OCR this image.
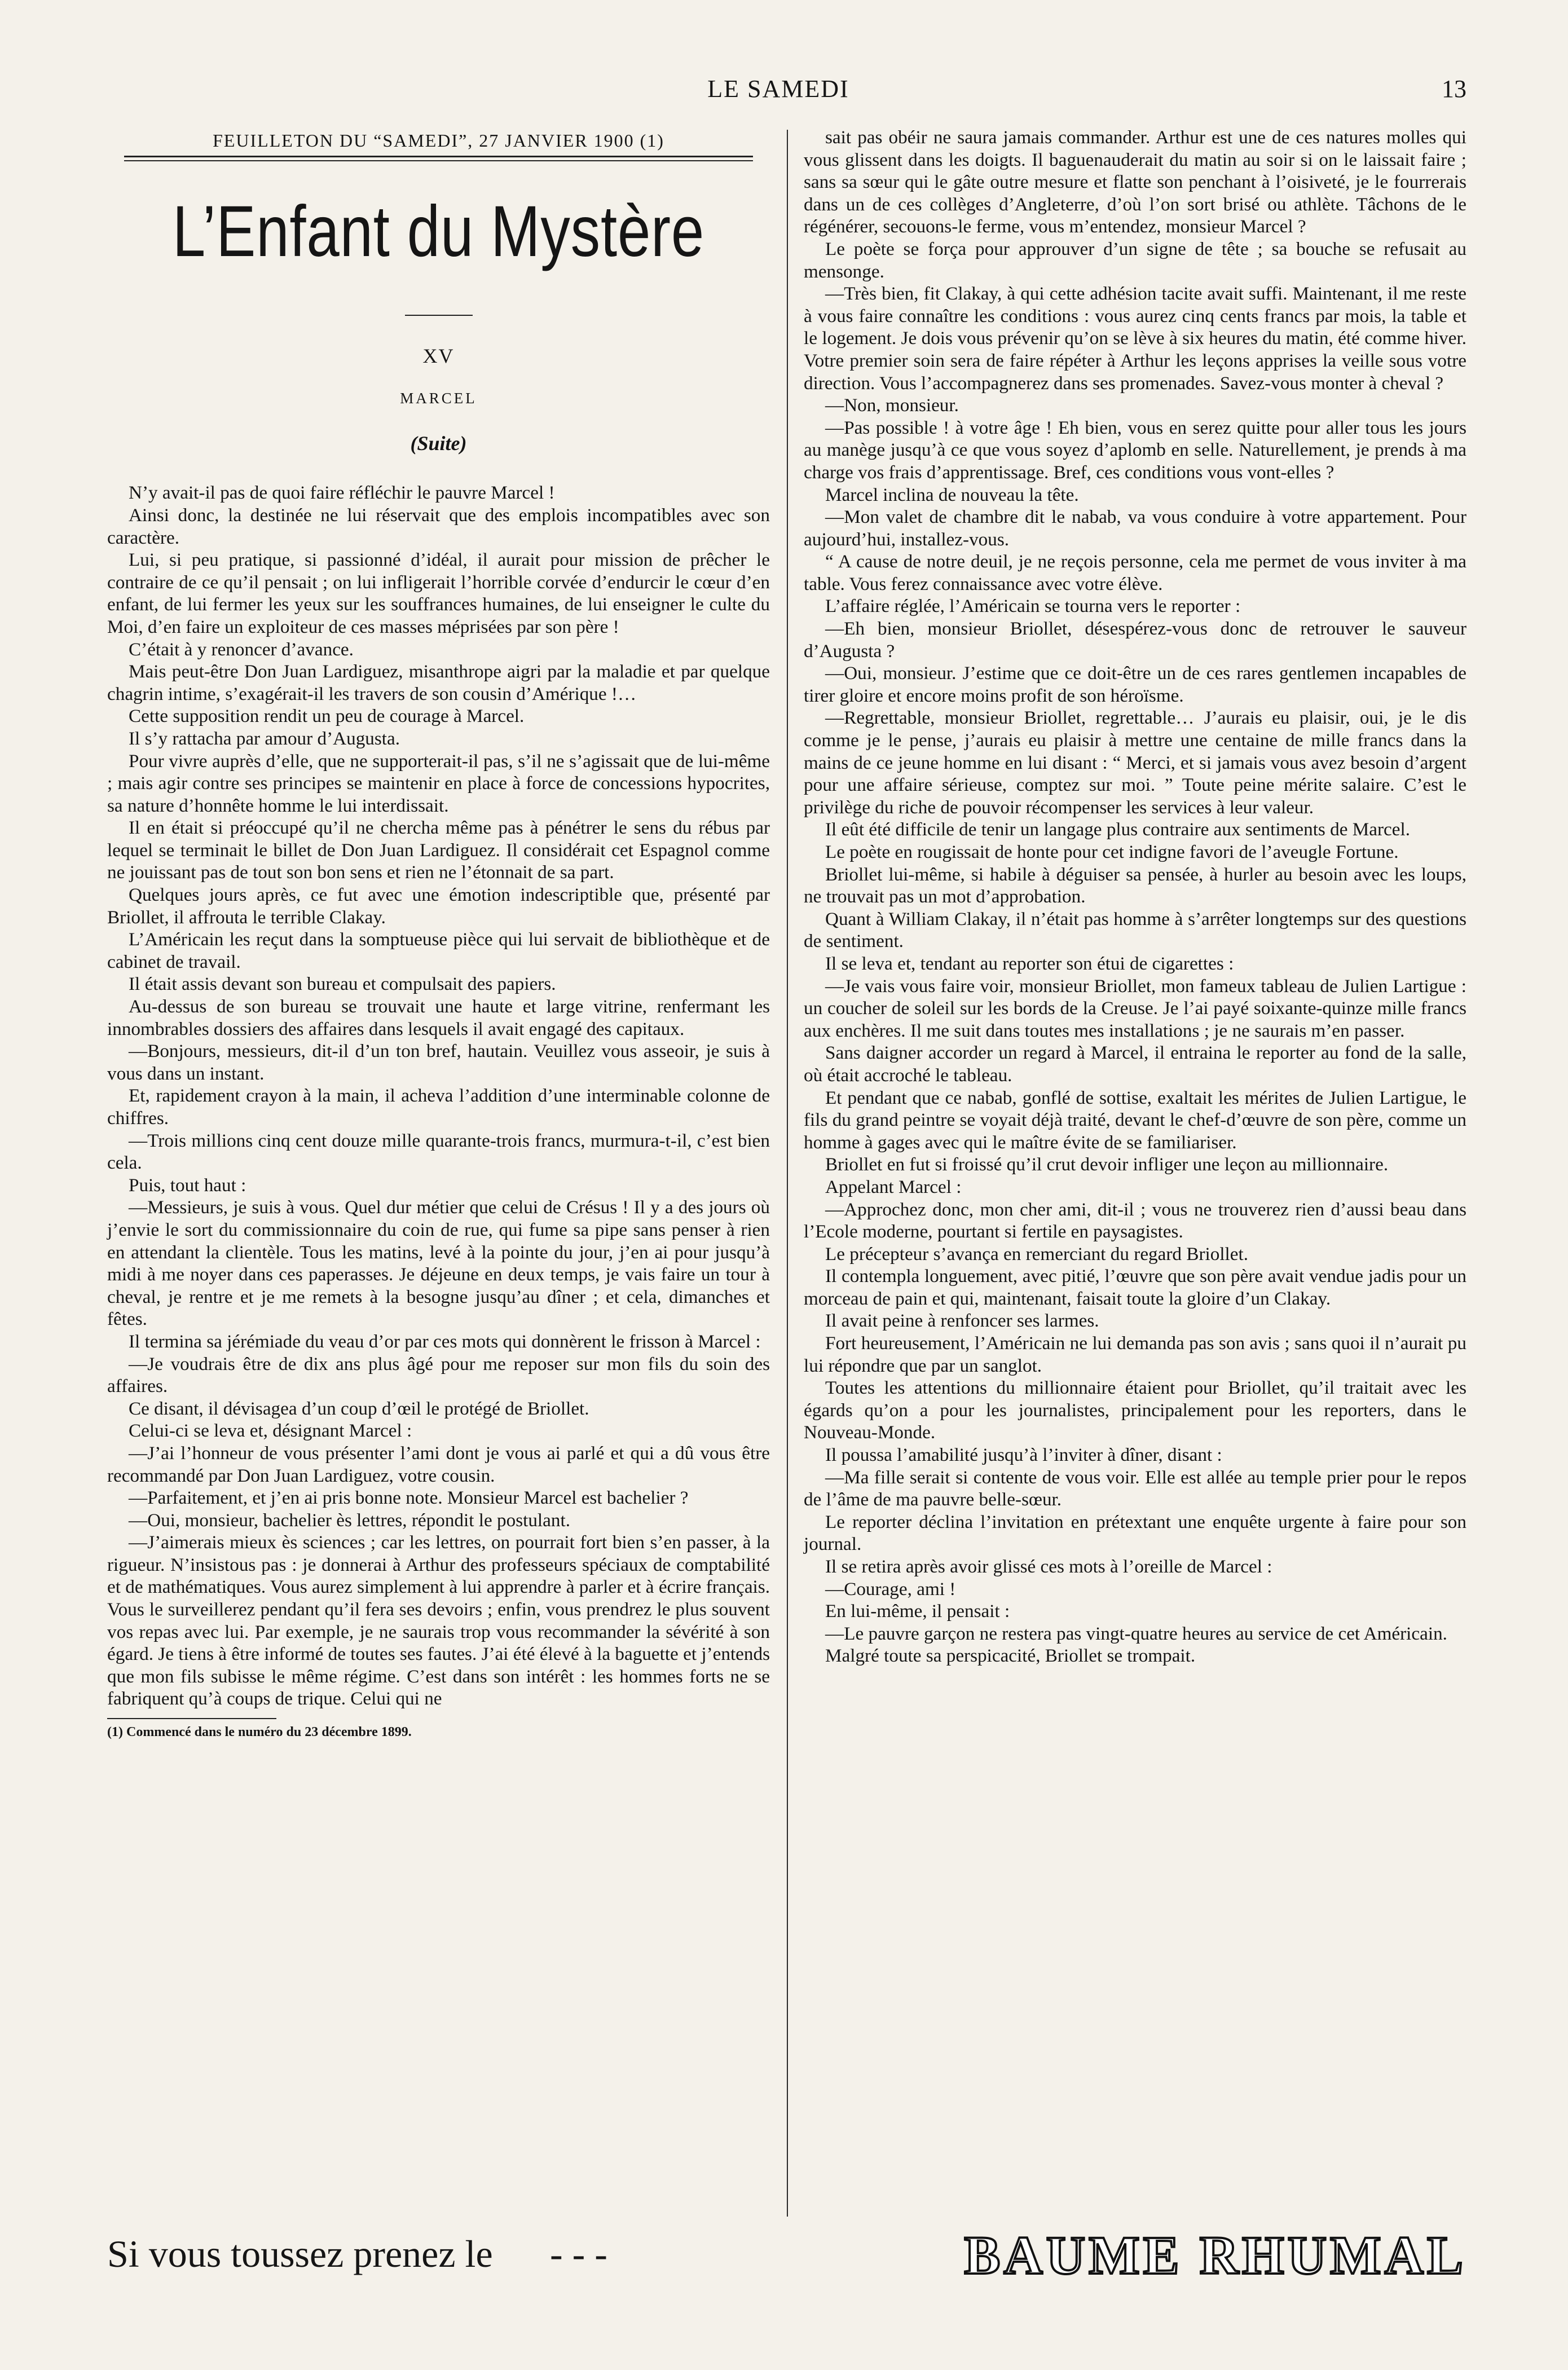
LE SAMEDI	13
FEUILLETON DU “SAMEDI”, 27 JANVIER 1900 (1)
L’Enfant du Mystère
XV
MARCEL
(Suite)

N’y avait-il pas de quoi faire réfléchir le pauvre Marcel !

Ainsi donc, la destinée ne lui réservait que des emplois incompatibles avec son caractère.

Lui, si peu pratique, si passionné d’idéal, il aurait pour mission de prêcher le contraire de ce qu’il pensait ; on lui infligerait l’horrible corvée d’endurcir le cœur d’en enfant, de lui fermer les yeux sur les souffrances humaines, de lui enseigner le culte du Moi, d’en faire un exploiteur de ces masses méprisées par son père !

C’était à y renoncer d’avance.

Mais peut-être Don Juan Lardiguez, misanthrope aigri par la maladie et par quelque chagrin intime, s’exagérait-il les travers de son cousin d’Amérique !…

Cette supposition rendit un peu de courage à Marcel.

Il s’y rattacha par amour d’Augusta.

Pour vivre auprès d’elle, que ne supporterait-il pas, s’il ne s’agissait que de lui-même ; mais agir contre ses principes se maintenir en place à force de concessions hypocrites, sa nature d’honnête homme le lui interdissait.

Il en était si préoccupé qu’il ne chercha même pas à pénétrer le sens du rébus par lequel se terminait le billet de Don Juan Lardiguez. Il considérait cet Espagnol comme ne jouissant pas de tout son bon sens et rien ne l’étonnait de sa part.

Quelques jours après, ce fut avec une émotion indescriptible que, présenté par Briollet, il affrouta le terrible Clakay.

L’Américain les reçut dans la somptueuse pièce qui lui servait de bibliothèque et de cabinet de travail.

Il était assis devant son bureau et compulsait des papiers.

Au-dessus de son bureau se trouvait une haute et large vitrine, renfermant les innombrables dossiers des affaires dans lesquels il avait engagé des capitaux.

—Bonjours, messieurs, dit-il d’un ton bref, hautain. Veuillez vous asseoir, je suis à vous dans un instant.

Et, rapidement crayon à la main, il acheva l’addition d’une interminable colonne de chiffres.

—Trois millions cinq cent douze mille quarante-trois francs, murmura-t-il, c’est bien cela.

Puis, tout haut :

—Messieurs, je suis à vous. Quel dur métier que celui de Crésus ! Il y a des jours où j’envie le sort du commissionnaire du coin de rue, qui fume sa pipe sans penser à rien en attendant la clientèle. Tous les matins, levé à la pointe du jour, j’en ai pour jusqu’à midi à me noyer dans ces paperasses. Je déjeune en deux temps, je vais faire un tour à cheval, je rentre et je me remets à la besogne jusqu’au dîner ; et cela, dimanches et fêtes.

Il termina sa jérémiade du veau d’or par ces mots qui donnèrent le frisson à Marcel :

—Je voudrais être de dix ans plus âgé pour me reposer sur mon fils du soin des affaires.

Ce disant, il dévisagea d’un coup d’œil le protégé de Briollet.

Celui-ci se leva et, désignant Marcel :

—J’ai l’honneur de vous présenter l’ami dont je vous ai parlé et qui a dû vous être recommandé par Don Juan Lardiguez, votre cousin.

—Parfaitement, et j’en ai pris bonne note. Monsieur Marcel est bachelier ?

—Oui, monsieur, bachelier ès lettres, répondit le postulant.

—J’aimerais mieux ès sciences ; car les lettres, on pourrait fort bien s’en passer, à la rigueur. N’insistous pas : je donnerai à Arthur des professeurs spéciaux de comptabilité et de mathématiques. Vous aurez simplement à lui apprendre à parler et à écrire français. Vous le surveillerez pendant qu’il fera ses devoirs ; enfin, vous prendrez le plus souvent vos repas avec lui. Par exemple, je ne saurais trop vous recommander la sévérité à son égard. Je tiens à être informé de toutes ses fautes. J’ai été élevé à la baguette et j’entends que mon fils subisse le même régime. C’est dans son intérêt : les hommes forts ne se fabriquent qu’à coups de trique. Celui qui ne

(1) Commencé dans le numéro du 23 décembre 1899.

sait pas obéir ne saura jamais commander. Arthur est une de ces natures molles qui vous glissent dans les doigts. Il baguenauderait du matin au soir si on le laissait faire ; sans sa sœur qui le gâte outre mesure et flatte son penchant à l’oisiveté, je le fourrerais dans un de ces collèges d’Angleterre, d’où l’on sort brisé ou athlète. Tâchons de le régénérer, secouons-le ferme, vous m’entendez, monsieur Marcel ?

Le poète se força pour approuver d’un signe de tête ; sa bouche se refusait au mensonge.

—Très bien, fit Clakay, à qui cette adhésion tacite avait suffi. Maintenant, il me reste à vous faire connaître les conditions : vous aurez cinq cents francs par mois, la table et le logement. Je dois vous prévenir qu’on se lève à six heures du matin, été comme hiver. Votre premier soin sera de faire répéter à Arthur les leçons apprises la veille sous votre direction. Vous l’accompagnerez dans ses promenades. Savez-vous monter à cheval ?

—Non, monsieur.

—Pas possible ! à votre âge ! Eh bien, vous en serez quitte pour aller tous les jours au manège jusqu’à ce que vous soyez d’aplomb en selle. Naturellement, je prends à ma charge vos frais d’apprentissage. Bref, ces conditions vous vont-elles ?

Marcel inclina de nouveau la tête.

—Mon valet de chambre dit le nabab, va vous conduire à votre appartement. Pour aujourd’hui, installez-vous.

“ A cause de notre deuil, je ne reçois personne, cela me permet de vous inviter à ma table. Vous ferez connaissance avec votre élève.

L’affaire réglée, l’Américain se tourna vers le reporter :

—Eh bien, monsieur Briollet, désespérez-vous donc de retrouver le sauveur d’Augusta ?

—Oui, monsieur. J’estime que ce doit-être un de ces rares gentlemen incapables de tirer gloire et encore moins profit de son héroïsme.

—Regrettable, monsieur Briollet, regrettable… J’aurais eu plaisir, oui, je le dis comme je le pense, j’aurais eu plaisir à mettre une centaine de mille francs dans la mains de ce jeune homme en lui disant : “ Merci, et si jamais vous avez besoin d’argent pour une affaire sérieuse, comptez sur moi. ” Toute peine mérite salaire. C’est le privilège du riche de pouvoir récompenser les services à leur valeur.

Il eût été difficile de tenir un langage plus contraire aux sentiments de Marcel.

Le poète en rougissait de honte pour cet indigne favori de l’aveugle Fortune.

Briollet lui-même, si habile à déguiser sa pensée, à hurler au besoin avec les loups, ne trouvait pas un mot d’approbation.

Quant à William Clakay, il n’était pas homme à s’arrêter longtemps sur des questions de sentiment.

Il se leva et, tendant au reporter son étui de cigarettes :

—Je vais vous faire voir, monsieur Briollet, mon fameux tableau de Julien Lartigue : un coucher de soleil sur les bords de la Creuse. Je l’ai payé soixante-quinze mille francs aux enchères. Il me suit dans toutes mes installations ; je ne saurais m’en passer.

Sans daigner accorder un regard à Marcel, il entraina le reporter au fond de la salle, où était accroché le tableau.

Et pendant que ce nabab, gonflé de sottise, exaltait les mérites de Julien Lartigue, le fils du grand peintre se voyait déjà traité, devant le chef-d’œuvre de son père, comme un homme à gages avec qui le maître évite de se familiariser.

Briollet en fut si froissé qu’il crut devoir infliger une leçon au millionnaire.

Appelant Marcel :

—Approchez donc, mon cher ami, dit-il ; vous ne trouverez rien d’aussi beau dans l’Ecole moderne, pourtant si fertile en paysagistes.

Le précepteur s’avança en remerciant du regard Briollet.

Il contempla longuement, avec pitié, l’œuvre que son père avait vendue jadis pour un morceau de pain et qui, maintenant, faisait toute la gloire d’un Clakay.

Il avait peine à renfoncer ses larmes.

Fort heureusement, l’Américain ne lui demanda pas son avis ; sans quoi il n’aurait pu lui répondre que par un sanglot.

Toutes les attentions du millionnaire étaient pour Briollet, qu’il traitait avec les égards qu’on a pour les journalistes, principalement pour les reporters, dans le Nouveau-Monde.

Il poussa l’amabilité jusqu’à l’inviter à dîner, disant :

—Ma fille serait si contente de vous voir. Elle est allée au temple prier pour le repos de l’âme de ma pauvre belle-sœur.

Le reporter déclina l’invitation en prétextant une enquête urgente à faire pour son journal.

Il se retira après avoir glissé ces mots à l’oreille de Marcel :

—Courage, ami !

En lui-même, il pensait :

—Le pauvre garçon ne restera pas vingt-quatre heures au service de cet Américain.

Malgré toute sa perspicacité, Briollet se trompait.

Si vous toussez prenez le - - -	BAUME RHUMAL
